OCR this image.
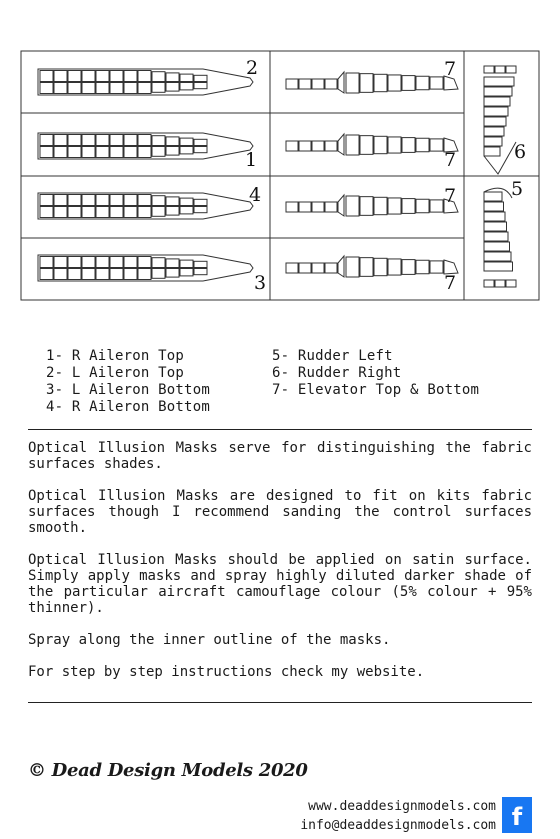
2
1
4
3
7
7
7
7
6
5
1- R Aileron Top
2- L Aileron Top
3- L Aileron Bottom
4- R Aileron Bottom
5- Rudder Left
6- Rudder Right
7- Elevator Top & Bottom

Optical Illusion Masks serve for distinguishing the fabric surfaces shades.

Optical Illusion Masks are designed to fit on kits fabric surfaces though I recommend sanding the control surfaces smooth.

Optical Illusion Masks should be applied on satin surface. Simply apply masks and spray highly diluted darker shade of the particular aircraft camouflage colour (5% colour + 95% thinner).

Spray along the inner outline of the masks.

For step by step instructions check my website.

© Dead Design Models 2020
www.deaddesignmodels.com
info@deaddesignmodels.com f
